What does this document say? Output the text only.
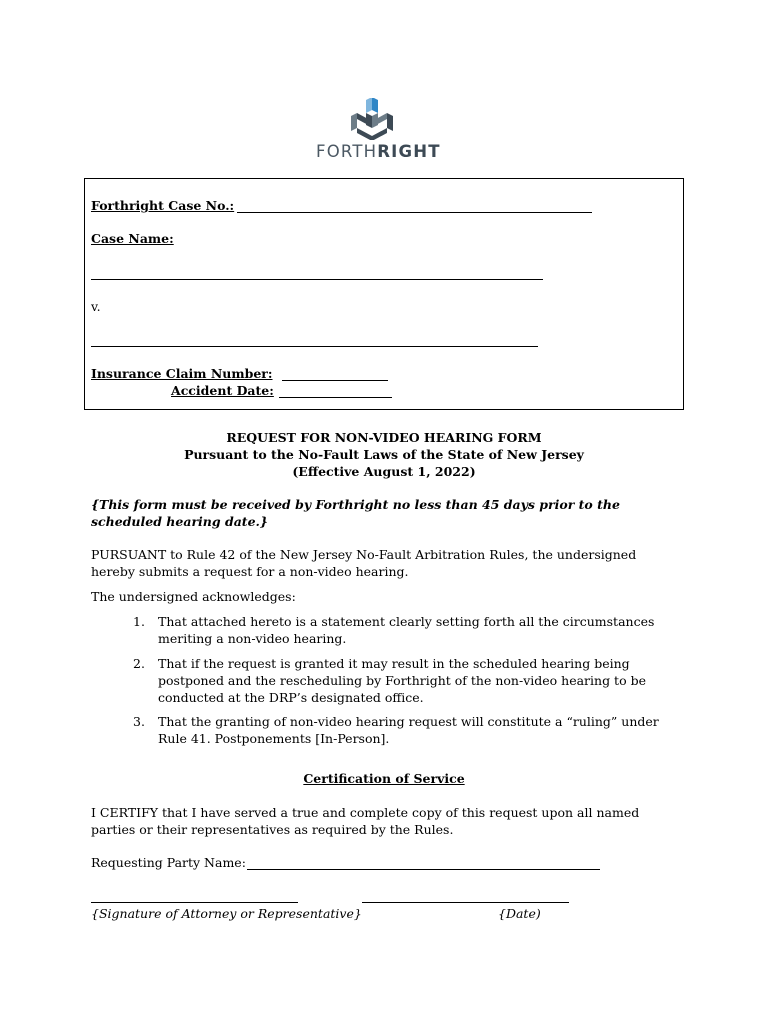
FORTHRIGHT
Forthright Case No.:
Case Name:
v.
Insurance Claim Number:
Accident Date:
REQUEST FOR NON-VIDEO HEARING FORM
Pursuant to the No-Fault Laws of the State of New Jersey
(Effective August 1, 2022)
{This form must be received by Forthright no less than 45 days prior to the
scheduled hearing date.}
PURSUANT to Rule 42 of the New Jersey No-Fault Arbitration Rules, the undersigned
hereby submits a request for a non-video hearing.
The undersigned acknowledges:
1.	That attached hereto is a statement clearly setting forth all the circumstances
meriting a non-video hearing.
2.	That if the request is granted it may result in the scheduled hearing being
postponed and the rescheduling by Forthright of the non-video hearing to be
conducted at the DRP’s designated office.
3.	That the granting of non-video hearing request will constitute a “ruling” under
Rule 41. Postponements [In-Person].
Certification of Service
I CERTIFY that I have served a true and complete copy of this request upon all named
parties or their representatives as required by the Rules.
Requesting Party Name:
{Signature of Attorney or Representative}	{Date)
